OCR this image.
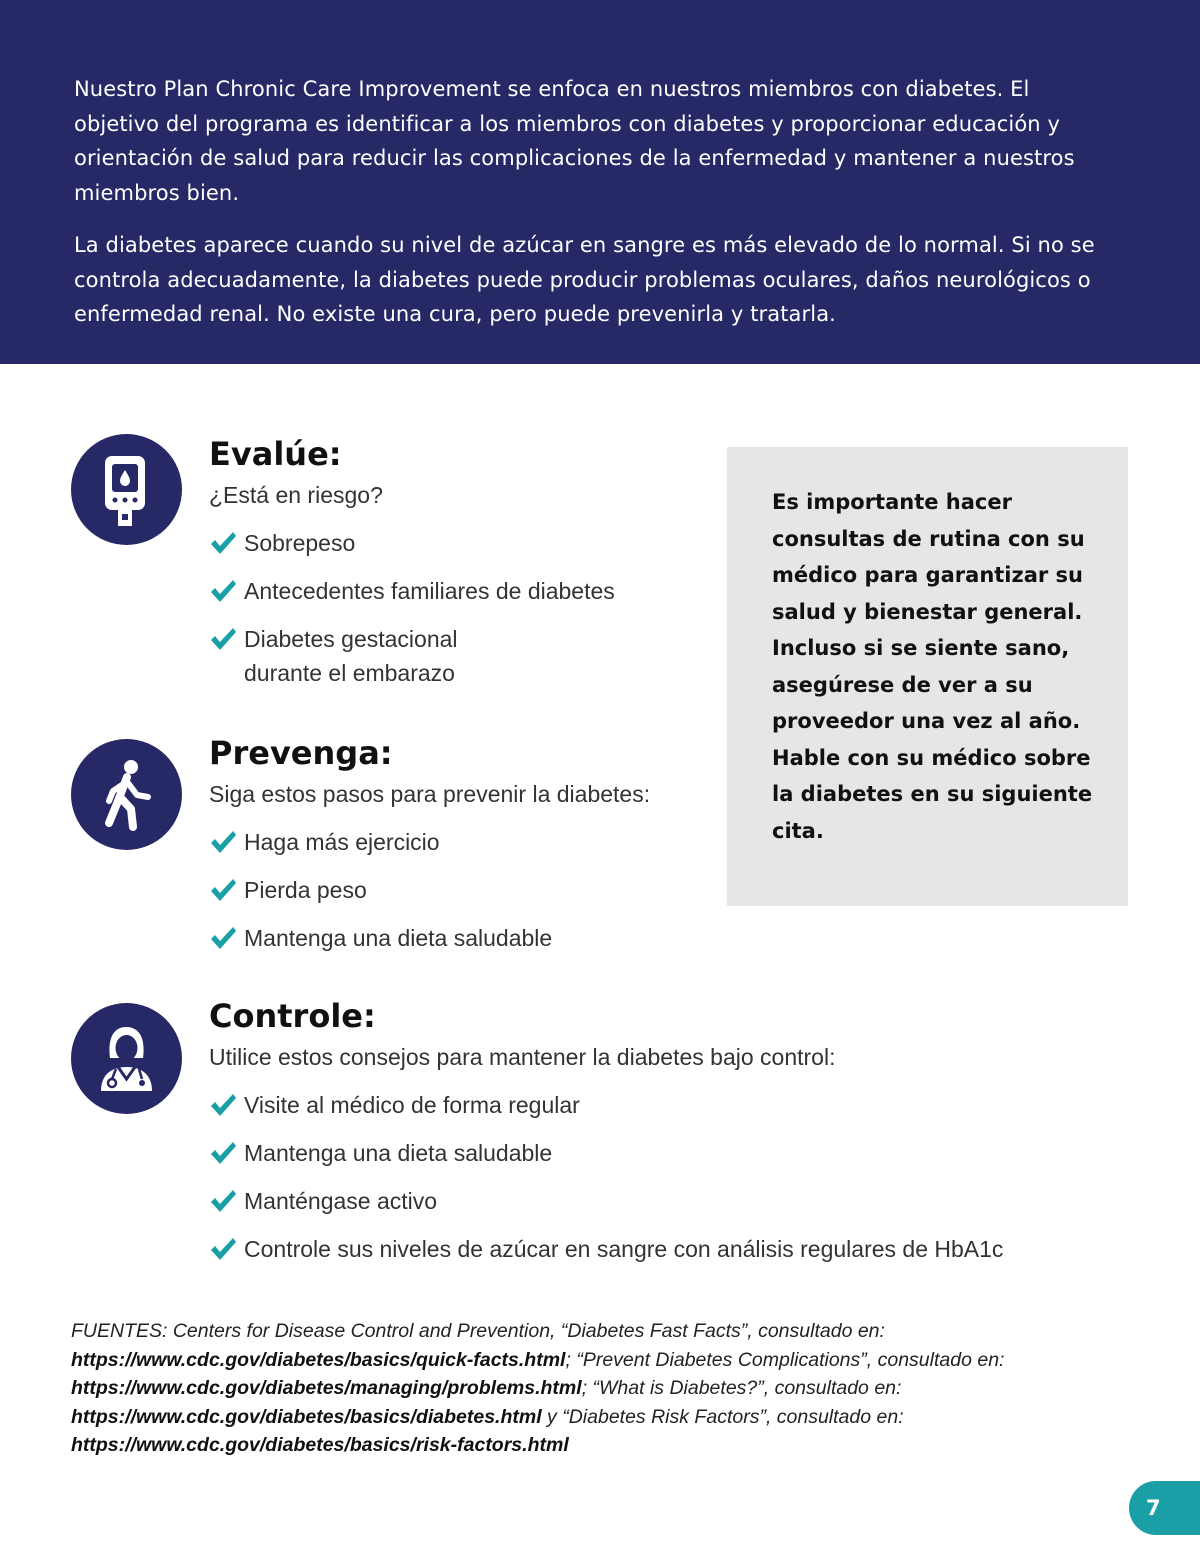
Nuestro Plan Chronic Care Improvement se enfoca en nuestros miembros con diabetes. El objetivo del programa es identificar a los miembros con diabetes y proporcionar educación y orientación de salud para reducir las complicaciones de la enfermedad y mantener a nuestros miembros bien.

La diabetes aparece cuando su nivel de azúcar en sangre es más elevado de lo normal. Si no se controla adecuadamente, la diabetes puede producir problemas oculares, daños neurológicos o enfermedad renal. No existe una cura, pero puede prevenirla y tratarla.

Evalúe:
¿Está en riesgo?
Sobrepeso
Antecedentes familiares de diabetes
Diabetes gestacional
durante el embarazo
Prevenga:
Siga estos pasos para prevenir la diabetes:
Haga más ejercicio
Pierda peso
Mantenga una dieta saludable
Controle:
Utilice estos consejos para mantener la diabetes bajo control:
Visite al médico de forma regular
Mantenga una dieta saludable
Manténgase activo
Controle sus niveles de azúcar en sangre con análisis regulares de HbA1c

Es importante hacer consultas de rutina con su médico para garantizar su salud y bienestar general. Incluso si se siente sano, asegúrese de ver a su proveedor una vez al año. Hable con su médico sobre la diabetes en su siguiente cita.

FUENTES: Centers for Disease Control and Prevention, “Diabetes Fast Facts”, consultado en: https://www.cdc.gov/diabetes/basics/quick-facts.html; “Prevent Diabetes Complications”, consultado en: https://www.cdc.gov/diabetes/managing/problems.html; “What is Diabetes?”, consultado en: https://www.cdc.gov/diabetes/basics/diabetes.html y “Diabetes Risk Factors”, consultado en: https://www.cdc.gov/diabetes/basics/risk-factors.html
7
